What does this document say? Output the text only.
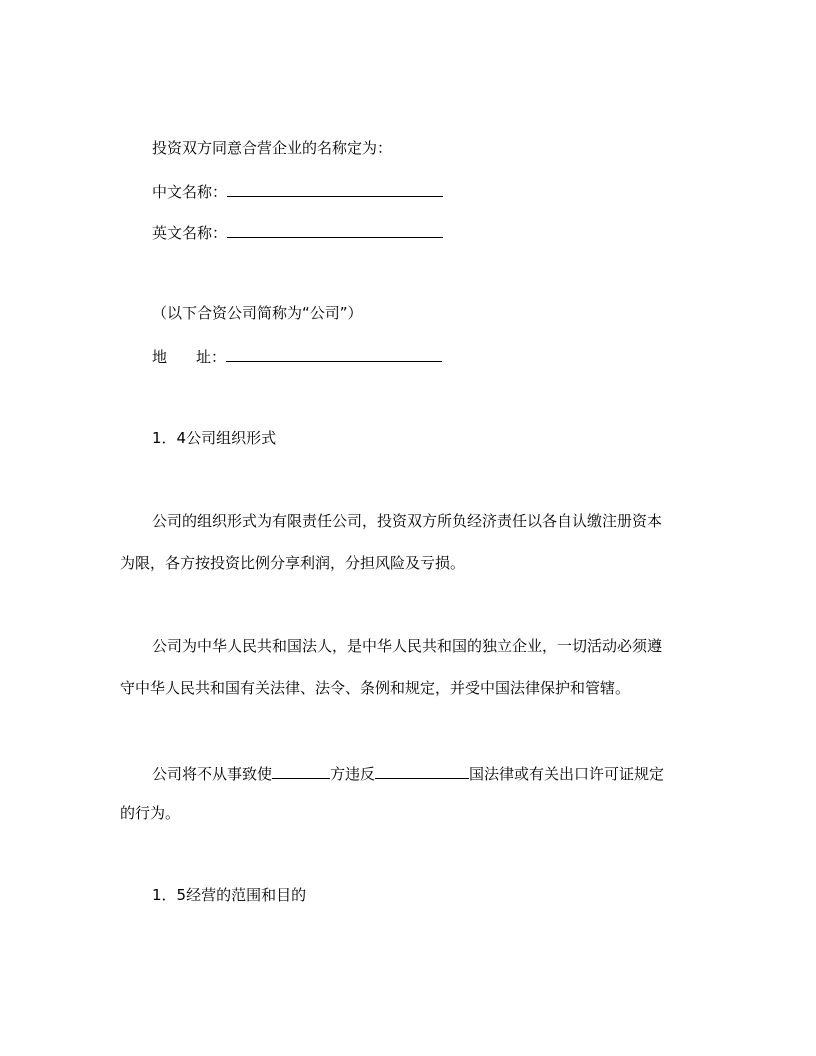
投资双方同意合营企业的名称定为：
中文名称：
英文名称：
（以下合资公司简称为“公司”）
地 址：
1．4公司组织形式
公司的组织形式为有限责任公司，投资双方所负经济责任以各自认缴注册资本
为限，各方按投资比例分享利润，分担风险及亏损。
公司为中华人民共和国法人，是中华人民共和国的独立企业，一切活动必须遵
守中华人民共和国有关法律、法令、条例和规定，并受中国法律保护和管辖。
公司将不从事致使	方违反	国法律或有关出口许可证规定
的行为。
1．5经营的范围和目的
